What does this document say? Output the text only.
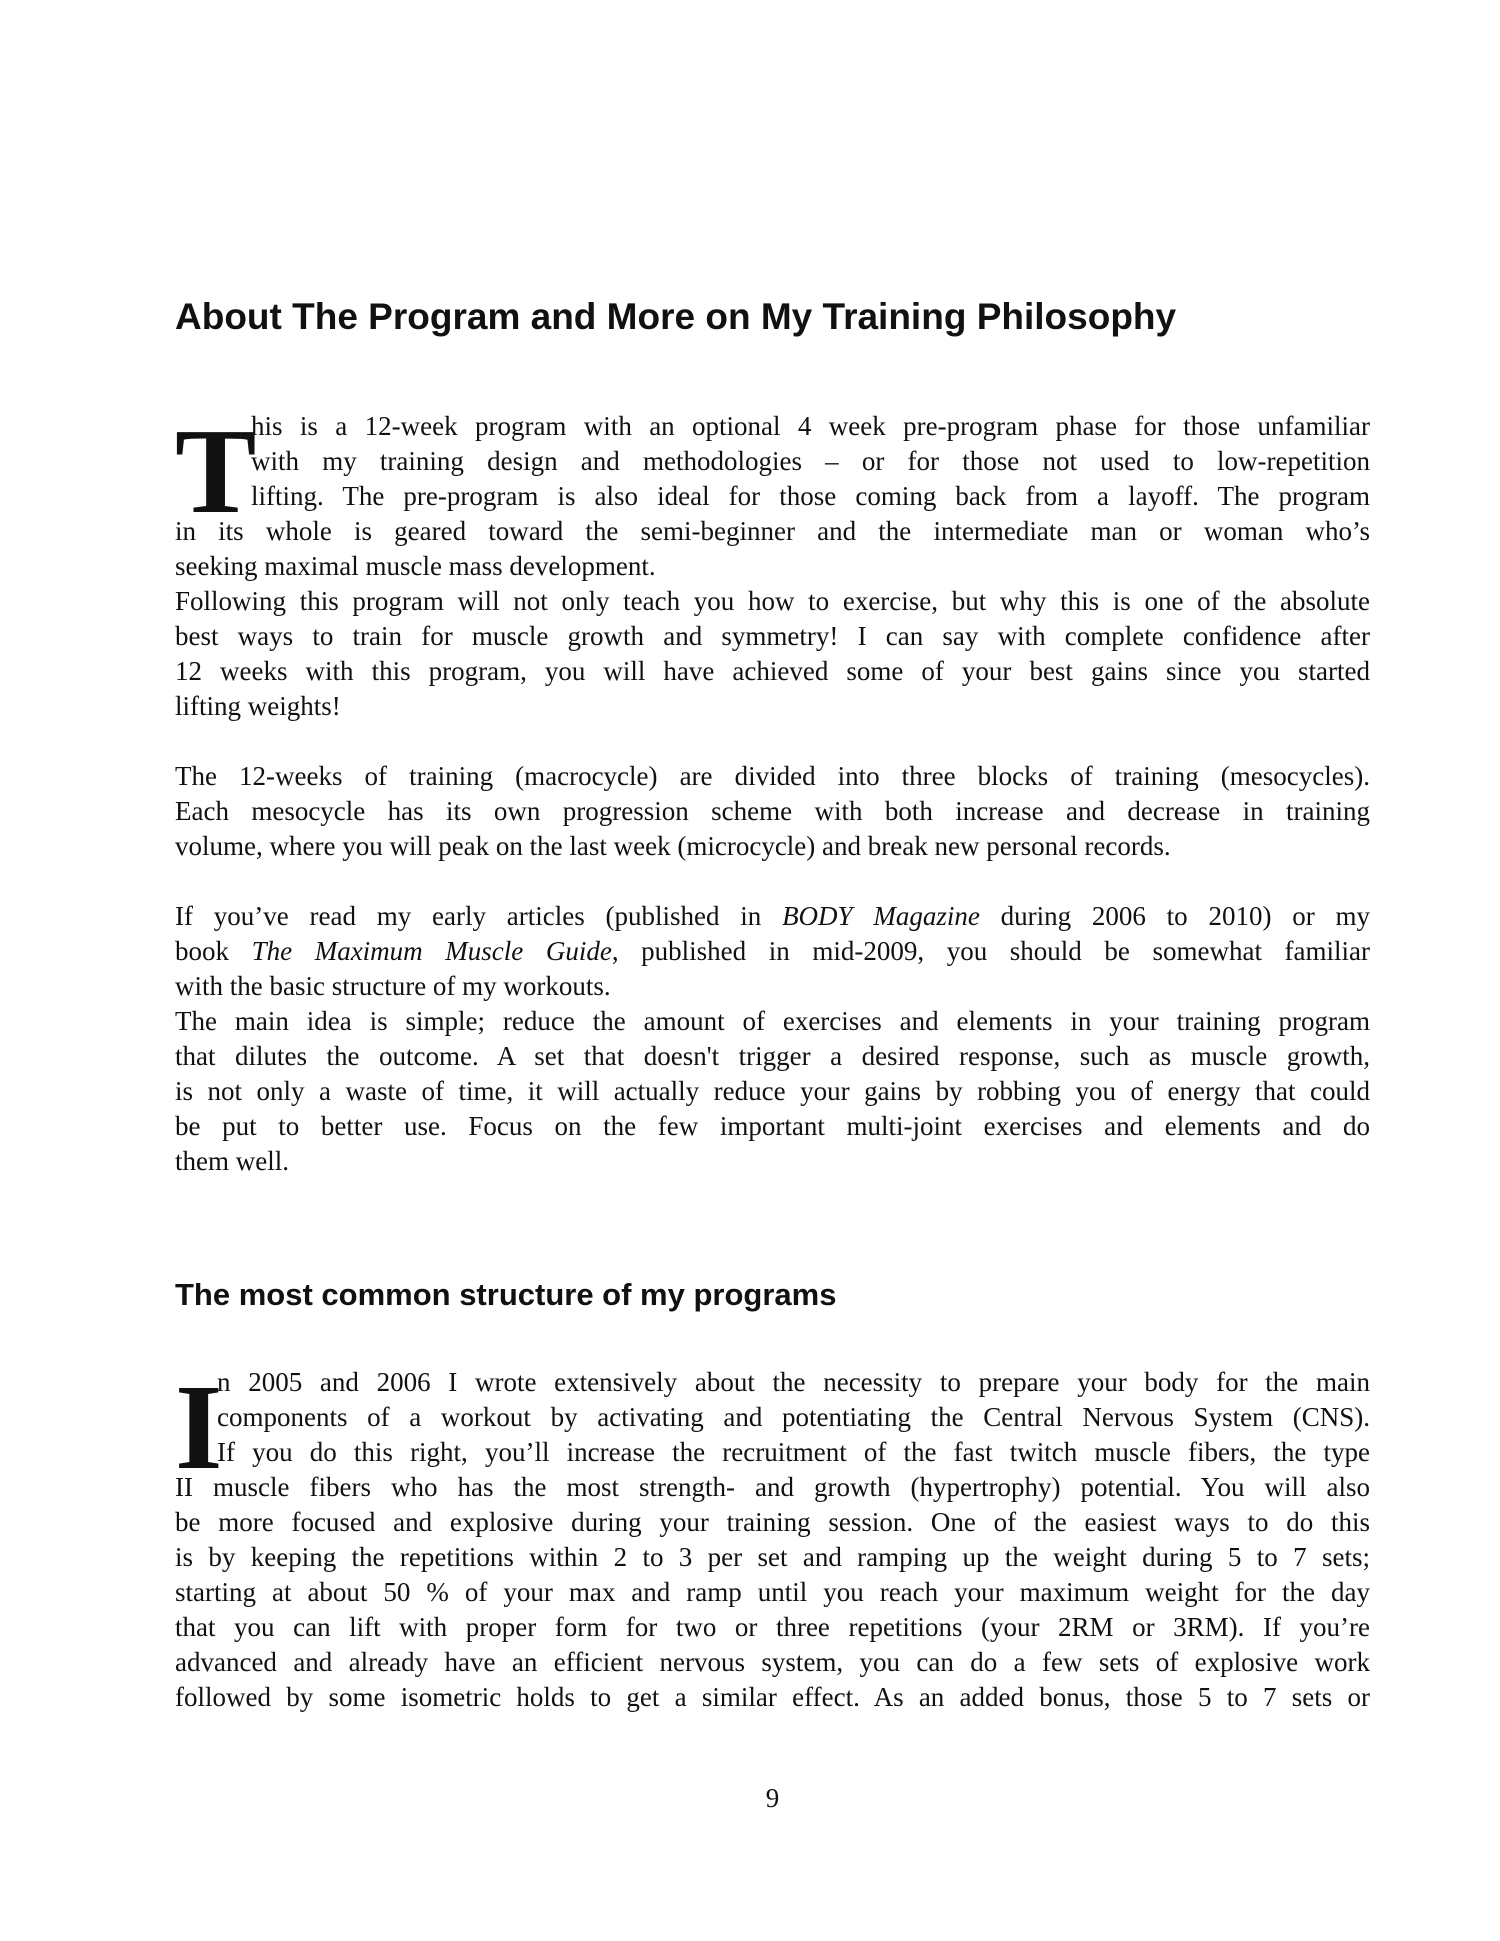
About The Program and More on My Training Philosophy
T
his is a 12-week program with an optional 4 week pre-program phase for those unfamiliar
with my training design and methodologies – or for those not used to low-repetition
lifting. The pre-program is also ideal for those coming back from a layoff. The program
in its whole is geared toward the semi-beginner and the intermediate man or woman who’s
seeking maximal muscle mass development.
Following this program will not only teach you how to exercise, but why this is one of the absolute
best ways to train for muscle growth and symmetry! I can say with complete confidence after
12 weeks with this program, you will have achieved some of your best gains since you started
lifting weights!
The 12-weeks of training (macrocycle) are divided into three blocks of training (mesocycles).
Each mesocycle has its own progression scheme with both increase and decrease in training
volume, where you will peak on the last week (microcycle) and break new personal records.
If you’ve read my early articles (published in BODY Magazine during 2006 to 2010) or my
book The Maximum Muscle Guide, published in mid-2009, you should be somewhat familiar
with the basic structure of my workouts.
The main idea is simple; reduce the amount of exercises and elements in your training program
that dilutes the outcome. A set that doesn't trigger a desired response, such as muscle growth,
is not only a waste of time, it will actually reduce your gains by robbing you of energy that could
be put to better use. Focus on the few important multi-joint exercises and elements and do
them well.
The most common structure of my programs
I
n 2005 and 2006 I wrote extensively about the necessity to prepare your body for the main
components of a workout by activating and potentiating the Central Nervous System (CNS).
If you do this right, you’ll increase the recruitment of the fast twitch muscle fibers, the type
II muscle fibers who has the most strength- and growth (hypertrophy) potential. You will also
be more focused and explosive during your training session. One of the easiest ways to do this
is by keeping the repetitions within 2 to 3 per set and ramping up the weight during 5 to 7 sets;
starting at about 50 % of your max and ramp until you reach your maximum weight for the day
that you can lift with proper form for two or three repetitions (your 2RM or 3RM). If you’re
advanced and already have an efficient nervous system, you can do a few sets of explosive work
followed by some isometric holds to get a similar effect. As an added bonus, those 5 to 7 sets or
9
